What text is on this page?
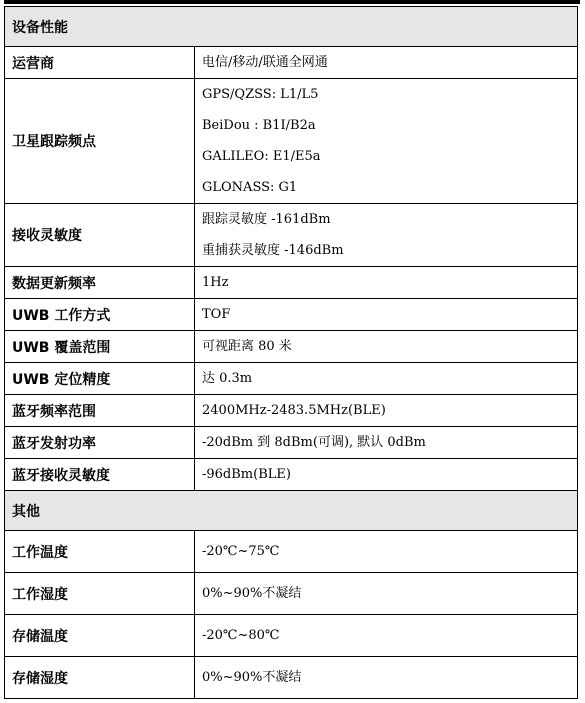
设备性能	
运营商	电信/移动/联通全网通

卫星跟踪频点	GPS/QZSS: L1/L5
BeiDou : B1I/B2a
GALILEO: E1/E5a
GLONASS: G1

接收灵敏度	跟踪灵敏度 -161dBm
重捕获灵敏度 -146dBm

数据更新频率	1Hz

UWB 工作方式	TOF

UWB 覆盖范围	可视距离 80 米

UWB 定位精度	达 0.3m

蓝牙频率范围	2400MHz-2483.5MHz(BLE)

蓝牙发射功率	-20dBm 到 8dBm(可调), 默认 0dBm

蓝牙接收灵敏度	-96dBm(BLE)

其他	
工作温度	-20℃~75℃

工作湿度	0%~90%不凝结

存储温度	-20℃~80℃

存储湿度	0%~90%不凝结
